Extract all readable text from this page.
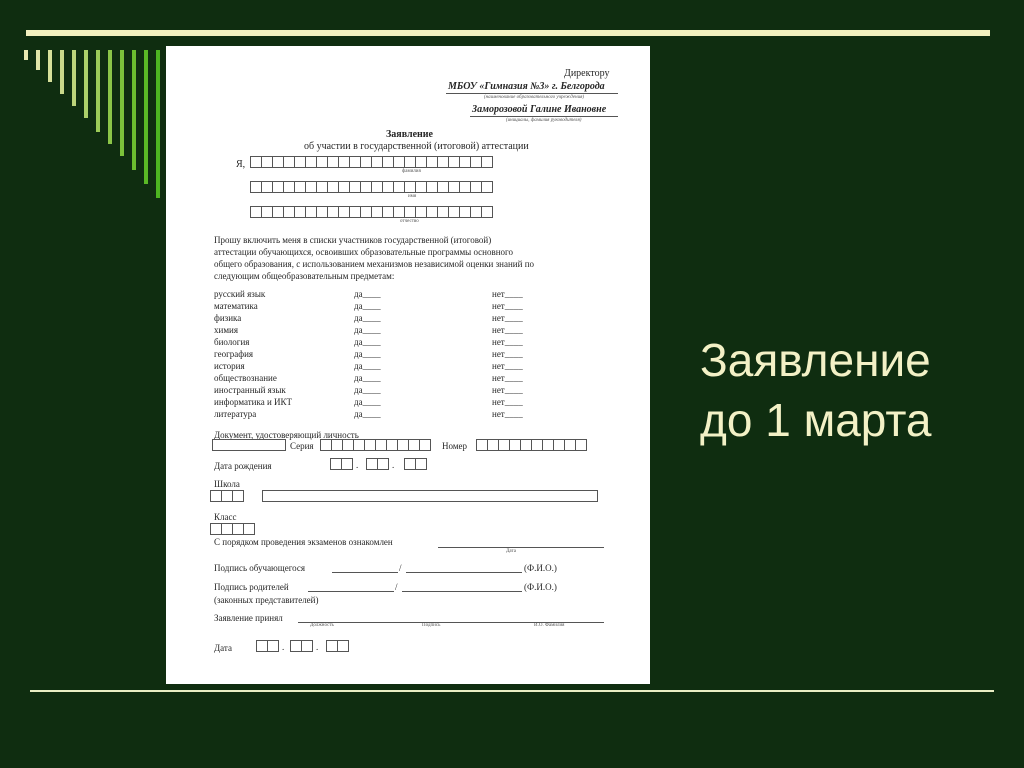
Директору
МБОУ «Гимназия №3» г. Белгорода
(наименование образовательного учреждения)
Заморозовой Галине Ивановне
(инициалы, фамилия руководителя)
Заявление
об участии в государственной (итоговой) аттестации
Я,
фамилия
имя
отчество
Прошу включить меня в списки участников государственной (итоговой)
аттестации обучающихся, освоивших образовательные программы основного
общего образования, с использованием механизмов независимой оценки знаний по
следующим общеобразовательным предметам:
русский язык	да____	нет____
математика	да____	нет____
физика	да____	нет____
химия	да____	нет____
биология	да____	нет____
география	да____	нет____
история	да____	нет____
обществознание	да____	нет____
иностранный язык	да____	нет____
информатика и ИКТ	да____	нет____
литература	да____	нет____
Документ, удостоверяющий личность
Серия	Номер
Дата рождения	.	.
Школа
Класс
С порядком проведения экзаменов ознакомлен
Дата
Подпись обучающегося	/	(Ф.И.О.)
Подпись родителей	/	(Ф.И.О.)
(законных представителей)
Заявление принял
Должность	Подпись	И.О. Фамилия
Дата	.	.
Заявление
до 1 марта
